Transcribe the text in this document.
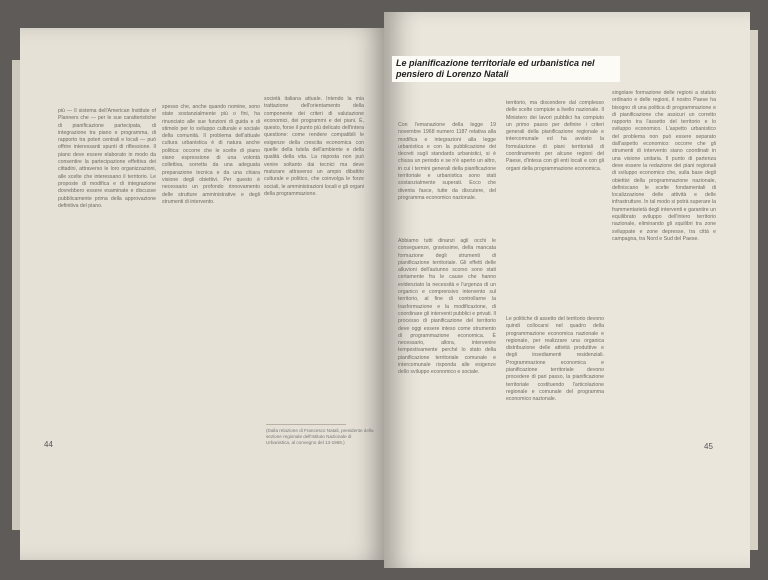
più — Il sistema dell'American Institute of Planners che — per le sue caratteristiche di pianificazione partecipata, di integrazione tra piano e programma, di rapporto tra poteri centrali e locali — può offrire interessanti spunti di riflessione. Il piano deve essere elaborato in modo da consentire la partecipazione effettiva dei cittadini, attraverso le loro organizzazioni, alle scelte che interessano il territorio. Le proposte di modifica e di integrazione dovrebbero essere esaminate e discusse pubblicamente prima della approvazione definitiva del piano.

spesso che, anche quando nomine, sono state sostanzialmente più o fini, ha rinunciato alle sue funzioni di guida e di stimolo per lo sviluppo culturale e sociale della comunità. Il problema dell'attuale cultura urbanistica è di natura anche politica: occorre che le scelte di piano siano espressione di una volontà collettiva, sorretta da una adeguata preparazione tecnica e da una chiara visione degli obiettivi. Per questo è necessario un profondo rinnovamento delle strutture amministrative e degli strumenti di intervento.

società italiana attuale. Intendo la mia trattazione dell'orientamento della componente dei criteri di valutazione economici, dei programmi e dei piani. È, questo, forse il punto più delicato dell'intera questione: come rendere compatibili le esigenze della crescita economica con quelle della tutela dell'ambiente e della qualità della vita. La risposta non può venire soltanto dai tecnici ma deve maturare attraverso un ampio dibattito culturale e politico, che coinvolga le forze sociali, le amministrazioni locali e gli organi della programmazione.

(Dalla relazione di Francesco Natali, presidente della sezione regionale dell'Istituto Nazionale di Urbanistica, al convegno del 13-1969.)
44
Le pianificazione territoriale ed urbanistica nel pensiero di Lorenzo Natali

Con l'emanazione della legge 19 novembre 1968 numero 1187 relativa alla modifica e integrazioni alla legge urbanistica e con la pubblicazione dei decreti sugli standards urbanistici, si è chiusa un periodo e se n'è aperto un altro, in cui i termini generali della pianificazione territoriale e urbanistica sono stati sostanzialmente superati. Ecco che diventa fasce, tutte da discutere, del programma economico nazionale.

Abbiamo tutti dinanzi agli occhi le conseguenze, gravissime, della mancata formazione degli strumenti di pianificazione territoriale. Gli effetti delle alluvioni dell'autunno scorso sono stati certamente fra le cause che hanno evidenziato la necessità e l'urgenza di un organico e comprensivo intervento sul territorio, al fine di controllarne la trasformazione e la modificazione, di coordinare gli interventi pubblici e privati. Il processo di pianificazione del territorio deve oggi essere inteso come strumento di programmazione economica. È necessario, allora, intervenire tempestivamente perché lo stato della pianificazione territoriale comunale e intercomunale risponda alle esigenze dello sviluppo economico e sociale.

territorio, ma discendere dal complesso delle scelte compiute a livello nazionale. Il Ministero dei lavori pubblici ha compiuto un primo passo per definire i criteri generali della pianificazione regionale e intercomunale ed ha avviato la formulazione di piani territoriali di coordinamento per alcune regioni del Paese, d'intesa con gli enti locali e con gli organi della programmazione economica.

Le politiche di assetto del territorio devono quindi collocarsi nel quadro della programmazione economica nazionale e regionale, per realizzare una organica distribuzione delle attività produttive e degli insediamenti residenziali. Programmazione economica e pianificazione territoriale devono procedere di pari passo, la pianificazione territoriale costituendo l'articolazione regionale e comunale del programma economico nazionale.

singolare formazione delle regioni a statuto ordinario e delle regioni, il nostro Paese ha bisogno di una politica di programmazione e di pianificazione che assicuri un corretto rapporto tra l'assetto del territorio e lo sviluppo economico. L'aspetto urbanistico del problema non può essere separato dall'aspetto economico: occorre che gli strumenti di intervento siano coordinati in una visione unitaria. Il punto di partenza deve essere la redazione dei piani regionali di sviluppo economico che, sulla base degli obiettivi della programmazione nazionale, definiscano le scelte fondamentali di localizzazione delle attività e delle infrastrutture. In tal modo si potrà superare la frammentarietà degli interventi e garantire un equilibrato sviluppo dell'intero territorio nazionale, eliminando gli squilibri tra zone sviluppate e zone depresse, tra città e campagna, tra Nord e Sud del Paese.

45
